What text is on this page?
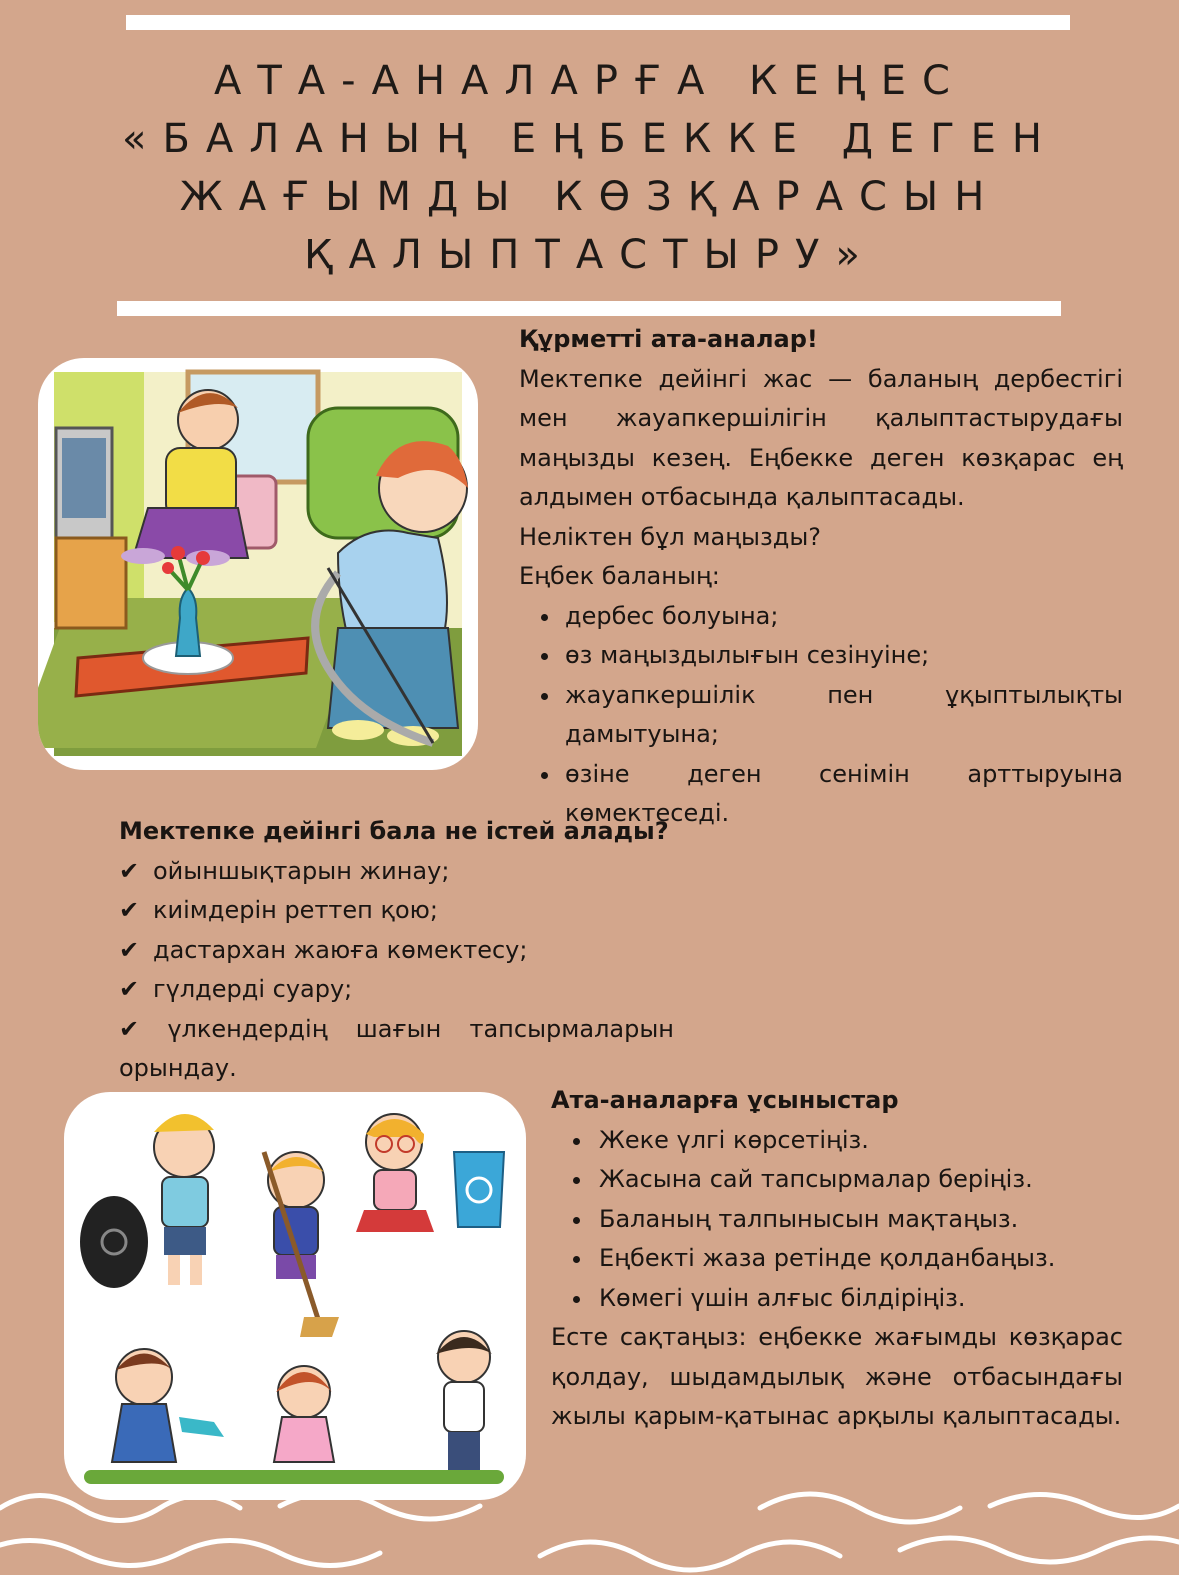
АТА-АНАЛАРҒА КЕҢЕС
«БАЛАНЫҢ ЕҢБЕККЕ ДЕГЕН
ЖАҒЫМДЫ КӨЗҚАРАСЫН
ҚАЛЫПТАСТЫРУ»
Құрметті ата-аналар!
Мектепке дейінгі жас — баланың дербестігі мен жауапкершілігін қалыптастырудағы маңызды кезең. Еңбекке деген көзқарас ең алдымен отбасында қалыптасады.
Неліктен бұл маңызды?
Еңбек баланың:
дербес болуына;
өз маңыздылығын сезінуіне;
жауапкершілік пен ұқыптылықты дамытуына;
өзіне деген сенімін арттыруына көмектеседі.
Мектепке дейінгі бала не істей алады?
✔ ойыншықтарын жинау;
✔ киімдерін реттеп қою;
✔ дастархан жаюға көмектесу;
✔ гүлдерді суару;
✔ үлкендердің шағын тапсырмаларын орындау.
Ата-аналарға ұсыныстар
Жеке үлгі көрсетіңіз.
Жасына сай тапсырмалар беріңіз.
Баланың талпынысын мақтаңыз.
Еңбекті жаза ретінде қолданбаңыз.
Көмегі үшін алғыс білдіріңіз.
Есте сақтаңыз: еңбекке жағымды көзқарас қолдау, шыдамдылық және отбасындағы жылы қарым-қатынас арқылы қалыптасады.
